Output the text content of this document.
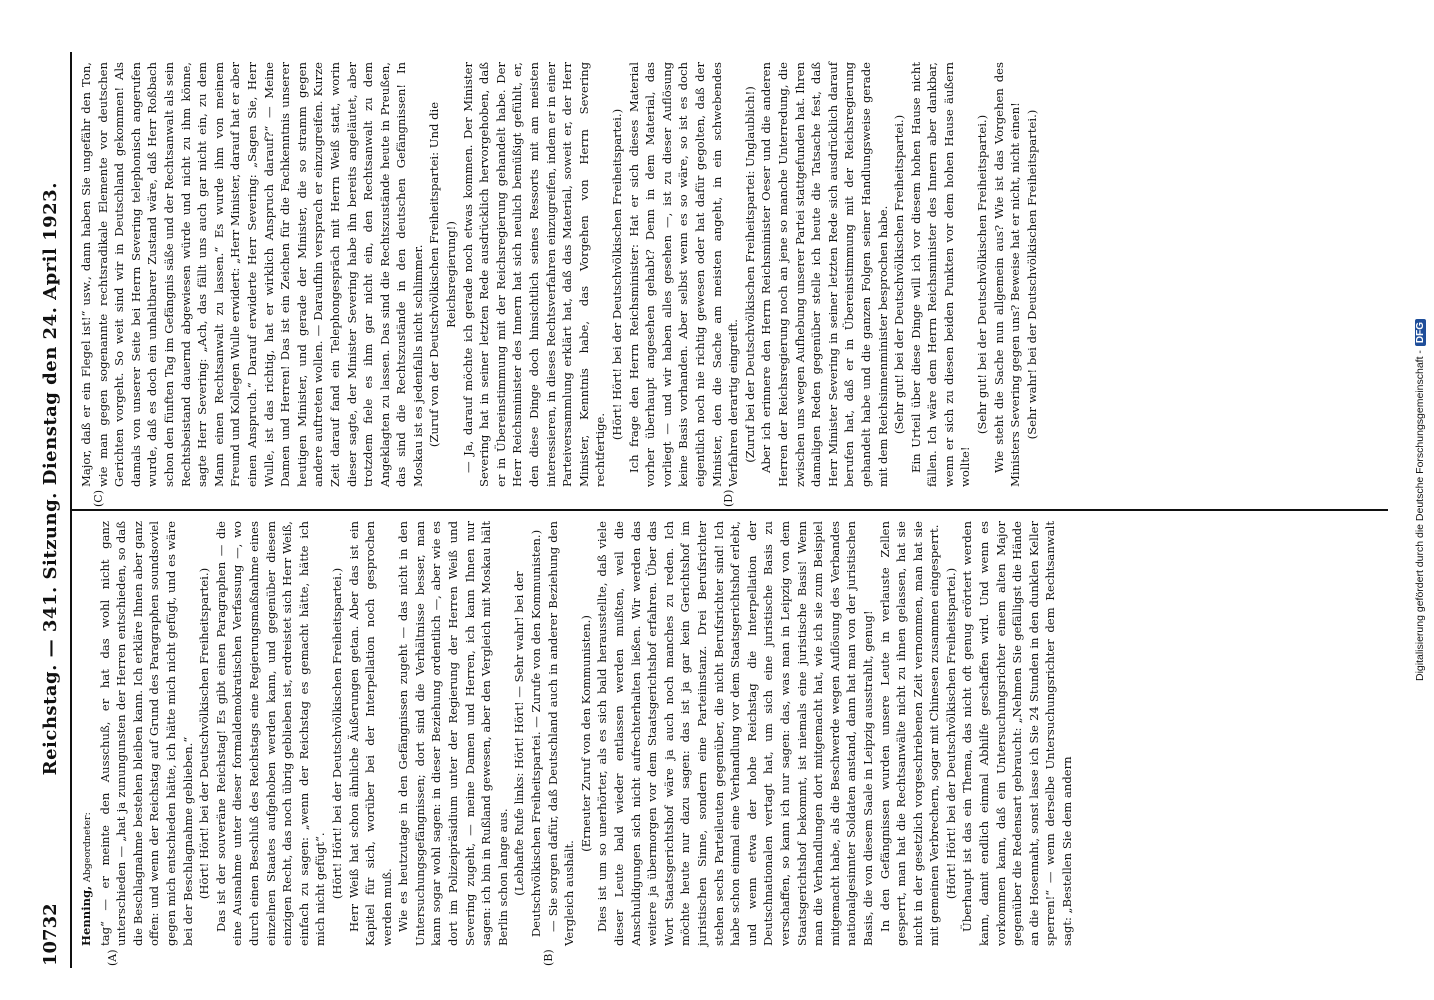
10732
Reichstag. — 341. Sitzung. Dienstag den 24. April 1923.
(A)	(B)

Henning, Abgeordneter: tag“ — er meinte den Ausschuß, er hat das wohl nicht ganz unterschieden — „hat ja zunungunsten der Herren entschieden, so daß die Beschlagnahme bestehen bleiben kann. Ich erkläre Ihnen aber ganz offen: und wenn der Reichstag auf Grund des Paragraphen soundsoviel gegen mich entschieden hätte, ich hätte mich nicht gefügt, und es wäre bei der Beschlagnahme geblieben.“ (Hört! Hört! bei der Deutschvölkischen Freiheitspartei.) Das ist der souveräne Reichstag! Es gibt einen Paragraphen — die eine Ausnahme unter dieser formaldemokratischen Verfassung —, wo durch einen Beschluß des Reichstags eine Regierungsmaßnahme eines einzelnen Staates aufgehoben werden kann, und gegenüber diesem einzigen Recht, das noch übrig geblieben ist, erdreistet sich Herr Weiß, einfach zu sagen: „wenn der Reichstag es gemacht hätte, hätte ich mich nicht gefügt“. (Hört! Hört! bei der Deutschvölkischen Freiheitspartei.) Herr Weiß hat schon ähnliche Äußerungen getan. Aber das ist ein Kapitel für sich, worüber bei der Interpellation noch gesprochen werden muß. Wie es heutzutage in den Gefängnissen zugeht — das nicht in den Untersuchungsgefängnissen; dort sind die Verhältnisse besser, man kann sogar wohl sagen: in dieser Beziehung ordentlich —, aber wie es dort im Polizeipräsidium unter der Regierung der Herren Weiß und Severing zugeht, — meine Damen und Herren, ich kann Ihnen nur sagen: ich bin in Rußland gewesen, aber den Vergleich mit Moskau hält Berlin schon lange aus. (Lebhafte Rufe links: Hört! Hört! — Sehr wahr! bei der Deutschvölkischen Freiheitspartei. — Zurufe von den Kommunisten.) — Sie sorgen dafür, daß Deutschland auch in anderer Beziehung den Vergleich aushält.

(Erneuter Zuruf von den Kommunisten.) Dies ist um so unerhörter, als es sich bald herausstellte, daß viele dieser Leute bald wieder entlassen werden mußten, weil die Anschuldigungen sich nicht aufrechterhalten ließen. Wir werden das weitere ja übermorgen vor dem Staatsgerichtshof erfahren. Über das Wort Staatsgerichtshof wäre ja auch noch manches zu reden. Ich möchte heute nur dazu sagen: das ist ja gar kein Gerichtshof im juristischen Sinne, sondern eine Parteiinstanz. Drei Berufsrichter stehen sechs Parteileuten gegenüber, die nicht Berufsrichter sind! Ich habe schon einmal eine Verhandlung vor dem Staatsgerichtshof erlebt, und wenn etwa der hohe Reichstag die Interpellation der Deutschnationalen vertagt hat, um sich eine juristische Basis zu verschaffen, so kann ich nur sagen: das, was man in Leipzig von dem Staatsgerichtshof bekommt, ist niemals eine juristische Basis! Wenn man die Verhandlungen dort mitgemacht hat, wie ich sie zum Beispiel mitgemacht habe, als die Beschwerde wegen Auflösung des Verbandes nationalgesinnter Soldaten anstand, dann hat man von der juristischen Basis, die von diesem Saale in Leipzig ausstrahlt, genug! In den Gefängnissen wurden unsere Leute in verlauste Zellen gesperrt, man hat die Rechtsanwälte nicht zu ihnen gelassen, hat sie nicht in der gesetzlich vorgeschriebenen Zeit vernommen, man hat sie mit gemeinen Verbrechern, sogar mit Chinesen zusammen eingesperrt. (Hört! Hört! bei der Deutschvölkischen Freiheitspartei.) Überhaupt ist das ein Thema, das nicht oft genug erörtert werden kann, damit endlich einmal Abhilfe geschaffen wird. Und wenn es vorkommen kann, daß ein Untersuchungsrichter einem alten Major gegenüber die Redensart gebraucht: „Nehmen Sie gefälligst die Hände an die Hosennaht, sonst lasse ich Sie 24 Stunden in den dunklen Keller sperren!“ — wenn derselbe Untersuchungsrichter dem Rechtsanwalt sagt: „Bestellen Sie dem andern

(C)	(D)

Major, daß er ein Flegel ist!“ usw., dann haben Sie ungefähr den Ton, wie man gegen sogenannte rechtsradikale Elemente vor deutschen Gerichten vorgeht. So weit sind wir in Deutschland gekommen! Als damals von unserer Seite bei Herrn Severing telephonisch angerufen wurde, daß es doch ein unhaltbarer Zustand wäre, daß Herr Roßbach schon den fünften Tag im Gefängnis säße und der Rechtsanwalt als sein Rechtsbeistand dauernd abgewiesen würde und nicht zu ihm könne, sagte Herr Severing: „Ach, das fällt uns auch gar nicht ein, zu dem Mann einen Rechtsanwalt zu lassen.“ Es wurde ihm von meinem Freund und Kollegen Wulle erwidert: „Herr Minister, darauf hat er aber einen Anspruch.“ Darauf erwiderte Herr Severing: „Sagen Sie, Herr Wulle, ist das richtig, hat er wirklich Anspruch darauf?“ — Meine Damen und Herren! Das ist ein Zeichen für die Fachkenntnis unserer heutigen Minister, und gerade der Minister, die so stramm gegen andere auftreten wollen. — Daraufhin versprach er einzugreifen. Kurze Zeit darauf fand ein Telephongespräch mit Herrn Weiß statt, worin dieser sagte, der Minister Severing habe ihn bereits angeläutet, aber trotzdem fiele es ihm gar nicht ein, den Rechtsanwalt zu dem Angeklagten zu lassen. Das sind die Rechtszustände heute in Preußen, das sind die Rechtszustände in den deutschen Gefängnissen! In Moskau ist es jedenfalls nicht schlimmer. (Zuruf von der Deutschvölkischen Freiheitspartei: Und die Reichsregierung!) — Ja, darauf möchte ich gerade noch etwas kommen. Der Minister Severing hat in seiner letzten Rede ausdrücklich hervorgehoben, daß er in Übereinstimmung mit der Reichsregierung gehandelt habe. Der Herr Reichsminister des Innern hat sich neulich bemüßigt gefühlt, er, den diese Dinge doch hinsichtlich seines Ressorts mit am meisten interessieren, in dieses Rechtsverfahren einzugreifen, indem er in einer Parteiversammlung erklärt hat, daß das Material, soweit er, der Herr Minister, Kenntnis habe, das Vorgehen von Herrn Severing rechtfertige.

(Hört! Hört! bei der Deutschvölkischen Freiheitspartei.) Ich frage den Herrn Reichsminister: Hat er sich dieses Material vorher überhaupt angesehen gehabt? Denn in dem Material, das vorliegt — und wir haben alles gesehen —, ist zu dieser Auflösung keine Basis vorhanden. Aber selbst wenn es so wäre, so ist es doch eigentlich noch nie richtig gewesen oder hat dafür gegolten, daß der Minister, den die Sache am meisten angeht, in ein schwebendes Verfahren derartig eingreift. (Zuruf bei der Deutschvölkischen Freiheitspartei: Unglaublich!) Aber ich erinnere den Herrn Reichsminister Oeser und die anderen Herren der Reichsregierung noch an jene so manche Unterredung, die zwischen uns wegen Aufhebung unserer Partei stattgefunden hat. Ihren damaligen Reden gegenüber stelle ich heute die Tatsache fest, daß Herr Minister Severing in seiner letzten Rede sich ausdrücklich darauf berufen hat, daß er in Übereinstimmung mit der Reichsregierung gehandelt habe und die ganzen Folgen seiner Handlungsweise gerade mit dem Reichsinnenminister besprochen habe. (Sehr gut! bei der Deutschvölkischen Freiheitspartei.) Ein Urteil über diese Dinge will ich vor diesem hohen Hause nicht fällen. Ich wäre dem Herrn Reichsminister des Innern aber dankbar, wenn er sich zu diesen beiden Punkten vor dem hohen Hause äußern wollte!

(Sehr gut! bei der Deutschvölkischen Freiheitspartei.) Wie steht die Sache nun allgemein aus? Wie ist das Vorgehen des Ministers Severing gegen uns? Beweise hat er nicht, nicht einen! (Sehr wahr! bei der Deutschvölkischen Freiheitspartei.)

Digitalisierung gefördert durch die Deutsche Forschungsgemeinschaft -DFG
